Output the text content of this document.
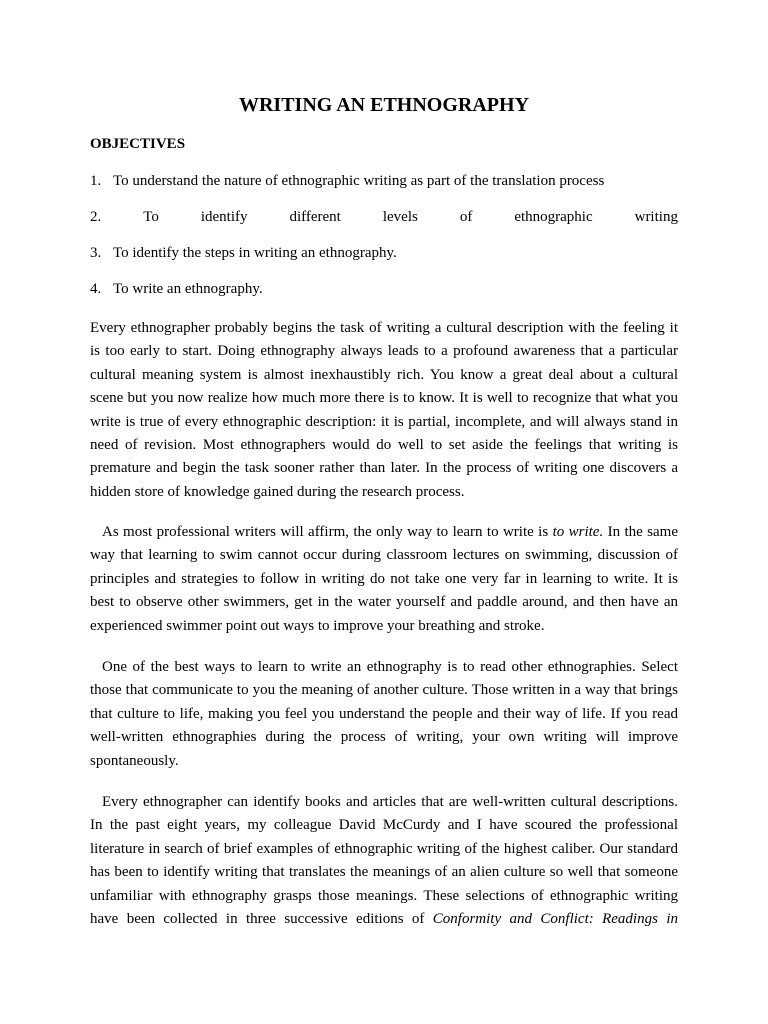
WRITING AN ETHNOGRAPHY
OBJECTIVES

1. To understand the nature of ethnographic writing as part of the translation process

2.	To	identify	different	levels	of	ethnographic	writing

3. To identify the steps in writing an ethnography.

4. To write an ethnography.

Every ethnographer probably begins the task of writing a cultural description with the feeling it
is too early to start. Doing ethnography always leads to a profound awareness that a particular
cultural meaning system is almost inexhaustibly rich. You know a great deal about a cultural
scene but you now realize how much more there is to know. It is well to recognize that what you
write is true of every ethnographic description: it is partial, incomplete, and will always stand in
need of revision. Most ethnographers would do well to set aside the feelings that writing is
premature and begin the task sooner rather than later. In the process of writing one discovers a
hidden store of knowledge gained during the research process.
As most professional writers will affirm, the only way to learn to write is to write. In the same
way that learning to swim cannot occur during classroom lectures on swimming, discussion of
principles and strategies to follow in writing do not take one very far in learning to write. It is
best to observe other swimmers, get in the water yourself and paddle around, and then have an
experienced swimmer point out ways to improve your breathing and stroke.
One of the best ways to learn to write an ethnography is to read other ethnographies. Select
those that communicate to you the meaning of another culture. Those written in a way that brings
that culture to life, making you feel you understand the people and their way of life. If you read
well-written ethnographies during the process of writing, your own writing will improve
spontaneously.
Every ethnographer can identify books and articles that are well-written cultural descriptions.
In the past eight years, my colleague David McCurdy and I have scoured the professional
literature in search of brief examples of ethnographic writing of the highest caliber. Our standard
has been to identify writing that translates the meanings of an alien culture so well that someone
unfamiliar with ethnography grasps those meanings. These selections of ethnographic writing
have been collected in three successive editions of Conformity and Conflict: Readings in
